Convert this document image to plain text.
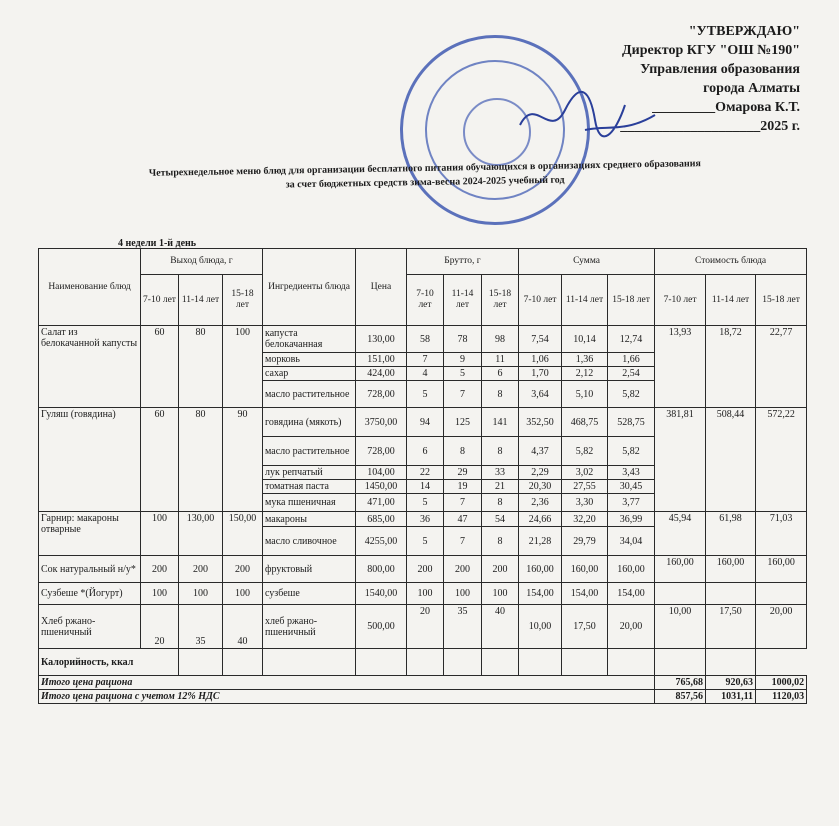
"УТВЕРЖДАЮ"
Директор КГУ "ОШ №190"
Управления образования
города Алматы
_________Омарова К.Т.
____________________2025 г.
Четырехнедельное меню блюд для организации бесплатного питания обучающихся в организациях среднего образования
за счет бюджетных средств зима-весна 2024-2025 учебный год
4 недели 1-й день
Наименование блюд	Выход блюда, г			Ингредиенты блюда	Цена	Брутто, г			Сумма			Стоимость блюда		
	7-10 лет	11-14 лет	15-18 лет			7-10 лет	11-14 лет	15-18 лет	7-10 лет	11-14 лет	15-18 лет	7-10 лет	11-14 лет	15-18 лет

Салат из белокачанной капусты	60	80	100	капуста белокачанная	130,00	58	78	98	7,54	10,14	12,74	13,93	18,72	22,77
				морковь	151,00	7	9	11	1,06	1,36	1,66			
				сахар	424,00	4	5	6	1,70	2,12	2,54			
				масло растительное	728,00	5	7	8	3,64	5,10	5,82			
Гуляш (говядина)	60	80	90	говядина (мякоть)	3750,00	94	125	141	352,50	468,75	528,75	381,81	508,44	572,22
				масло растительное	728,00	6	8	8	4,37	5,82	5,82			
				лук репчатый	104,00	22	29	33	2,29	3,02	3,43			
				томатная паста	1450,00	14	19	21	20,30	27,55	30,45			
				мука пшеничная	471,00	5	7	8	2,36	3,30	3,77			
Гарнир: макароны отварные	100	130,00	150,00	макароны	685,00	36	47	54	24,66	32,20	36,99	45,94	61,98	71,03
				масло сливочное	4255,00	5	7	8	21,28	29,79	34,04			
Сок натуральный н/у*	200	200	200	фруктовый	800,00	200	200	200	160,00	160,00	160,00	160,00	160,00	160,00
Сузбеше *(Йогурт)	100	100	100	сузбеше	1540,00	100	100	100	154,00	154,00	154,00			
Хлеб ржано-пшеничный	20	35	40	хлеб ржано-пшеничный	500,00	20	35	40	10,00	17,50	20,00	10,00	17,50	20,00
Калорийность, ккал														
Итого цена рациона												765,68	920,63	1000,02
Итого цена рациона с учетом 12% НДС												857,56	1031,11	1120,03
